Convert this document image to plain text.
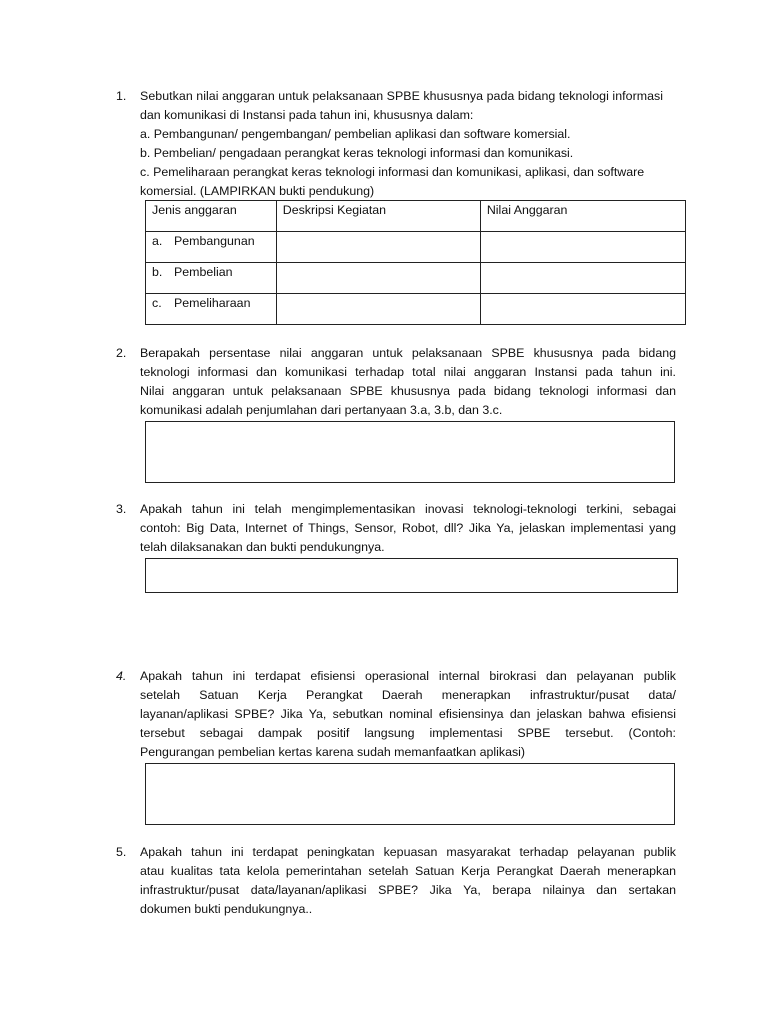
1.	Sebutkan nilai anggaran untuk pelaksanaan SPBE khususnya pada bidang teknologi informasi
dan komunikasi di Instansi pada tahun ini, khususnya dalam:
a. Pembangunan/ pengembangan/ pembelian aplikasi dan software komersial.
b. Pembelian/ pengadaan perangkat keras teknologi informasi dan komunikasi.
c. Pemeliharaan perangkat keras teknologi informasi dan komunikasi, aplikasi, dan software
komersial. (LAMPIRKAN bukti pendukung)
Jenis anggaran	Deskripsi Kegiatan	Nilai Anggaran
a. Pembangunan		
b. Pembelian		
c. Pemeliharaan		
2.	Berapakah persentase nilai anggaran untuk pelaksanaan SPBE khususnya pada bidang
teknologi informasi dan komunikasi terhadap total nilai anggaran Instansi pada tahun ini.
Nilai anggaran untuk pelaksanaan SPBE khususnya pada bidang teknologi informasi dan
komunikasi adalah penjumlahan dari pertanyaan 3.a, 3.b, dan 3.c.
3.	Apakah tahun ini telah mengimplementasikan inovasi teknologi-teknologi terkini, sebagai
contoh: Big Data, Internet of Things, Sensor, Robot, dll? Jika Ya, jelaskan implementasi yang
telah dilaksanakan dan bukti pendukungnya.
4.	Apakah tahun ini terdapat efisiensi operasional internal birokrasi dan pelayanan publik
setelah Satuan Kerja Perangkat Daerah menerapkan infrastruktur/pusat data/
layanan/aplikasi SPBE? Jika Ya, sebutkan nominal efisiensinya dan jelaskan bahwa efisiensi
tersebut sebagai dampak positif langsung implementasi SPBE tersebut. (Contoh:
Pengurangan pembelian kertas karena sudah memanfaatkan aplikasi)
5.	Apakah tahun ini terdapat peningkatan kepuasan masyarakat terhadap pelayanan publik
atau kualitas tata kelola pemerintahan setelah Satuan Kerja Perangkat Daerah menerapkan
infrastruktur/pusat data/layanan/aplikasi SPBE? Jika Ya, berapa nilainya dan sertakan
dokumen bukti pendukungnya..
